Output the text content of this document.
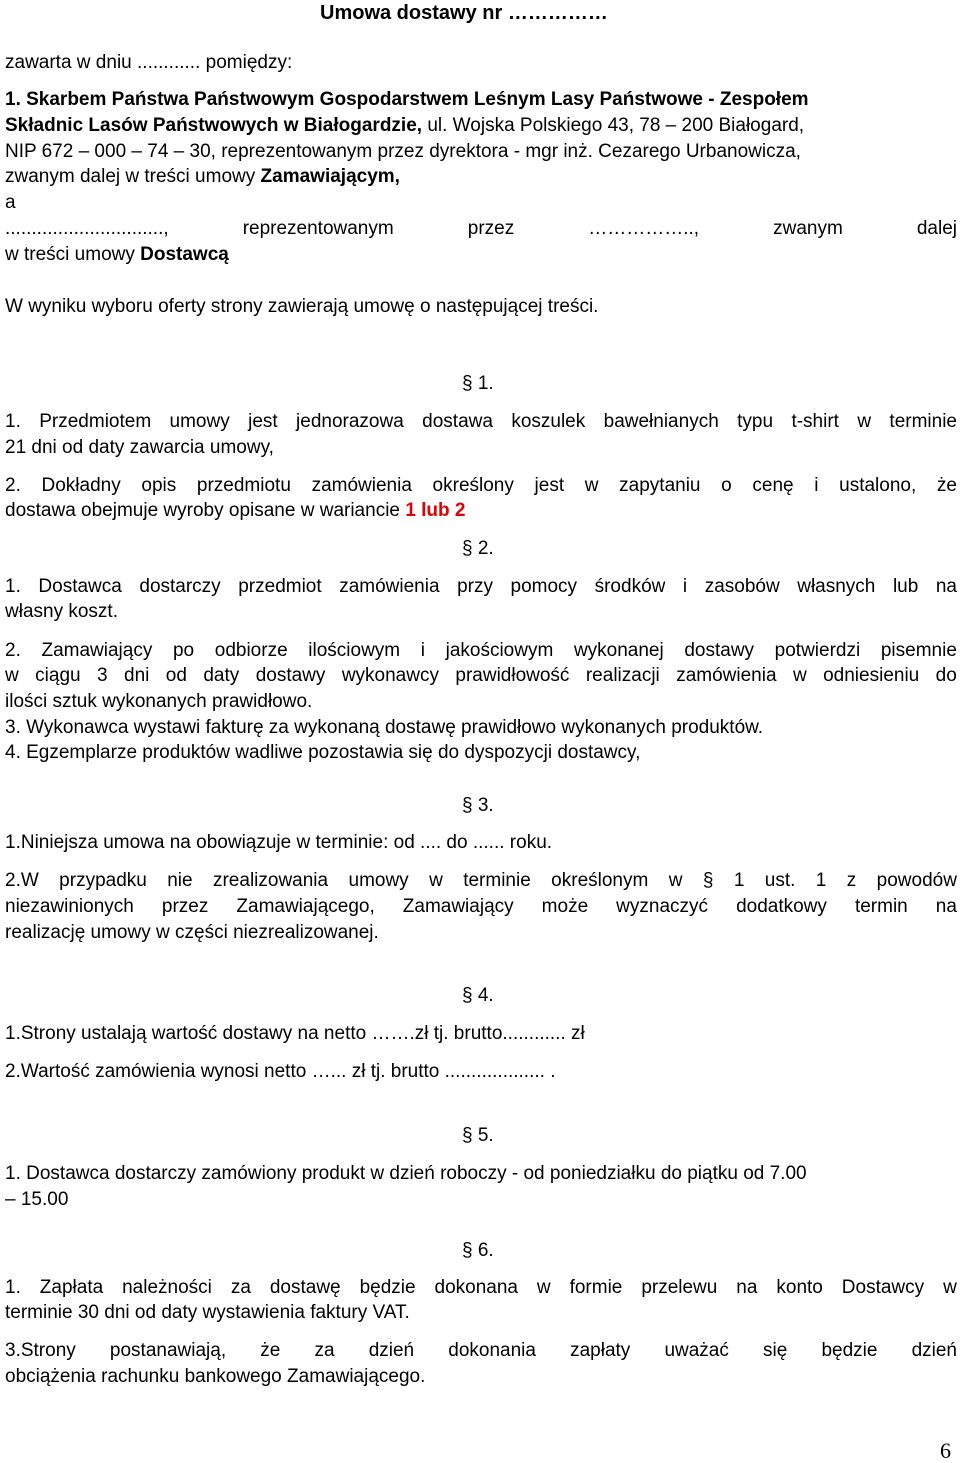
Umowa dostawy nr ……………
zawarta w dniu ............ pomiędzy:
1. Skarbem Państwa Państwowym Gospodarstwem Leśnym Lasy Państwowe - Zespołem
Składnic Lasów Państwowych w Białogardzie, ul. Wojska Polskiego 43, 78 – 200 Białogard,
NIP 672 – 000 – 74 – 30, reprezentowanym przez dyrektora - mgr inż. Cezarego Urbanowicza,
zwanym dalej w treści umowy Zamawiającym,
a
..............................,	reprezentowanym	przez	……………..,	zwanym	dalej
w treści umowy Dostawcą
W wyniku wyboru oferty strony zawierają umowę o następującej treści.
§ 1.
1. Przedmiotem umowy jest jednorazowa dostawa koszulek bawełnianych typu t-shirt w terminie
21 dni od daty zawarcia umowy,
2. Dokładny opis przedmiotu zamówienia określony jest w zapytaniu o cenę i ustalono, że
dostawa obejmuje wyroby opisane w wariancie 1 lub 2
§ 2.
1. Dostawca dostarczy przedmiot zamówienia przy pomocy środków i zasobów własnych lub na
własny koszt.
2. Zamawiający po odbiorze ilościowym i jakościowym wykonanej dostawy potwierdzi pisemnie
w ciągu 3 dni od daty dostawy wykonawcy prawidłowość realizacji zamówienia w odniesieniu do
ilości sztuk wykonanych prawidłowo.
3. Wykonawca wystawi fakturę za wykonaną dostawę prawidłowo wykonanych produktów.
4. Egzemplarze produktów wadliwe pozostawia się do dyspozycji dostawcy,
§ 3.
1.Niniejsza umowa na obowiązuje w terminie: od .... do ...... roku.
2.W przypadku nie zrealizowania umowy w terminie określonym w § 1 ust. 1 z powodów
niezawinionych przez Zamawiającego, Zamawiający może wyznaczyć dodatkowy termin na
realizację umowy w części niezrealizowanej.
§ 4.
1.Strony ustalają wartość dostawy na netto …….zł tj. brutto............ zł
2.Wartość zamówienia wynosi netto …... zł tj. brutto ................... .
§ 5.
1. Dostawca dostarczy zamówiony produkt w dzień roboczy - od poniedziałku do piątku od 7.00
– 15.00
§ 6.
1. Zapłata należności za dostawę będzie dokonana w formie przelewu na konto Dostawcy w
terminie 30 dni od daty wystawienia faktury VAT.
3.Strony postanawiają, że za dzień dokonania zapłaty uważać się będzie dzień
obciążenia rachunku bankowego Zamawiającego.
6
